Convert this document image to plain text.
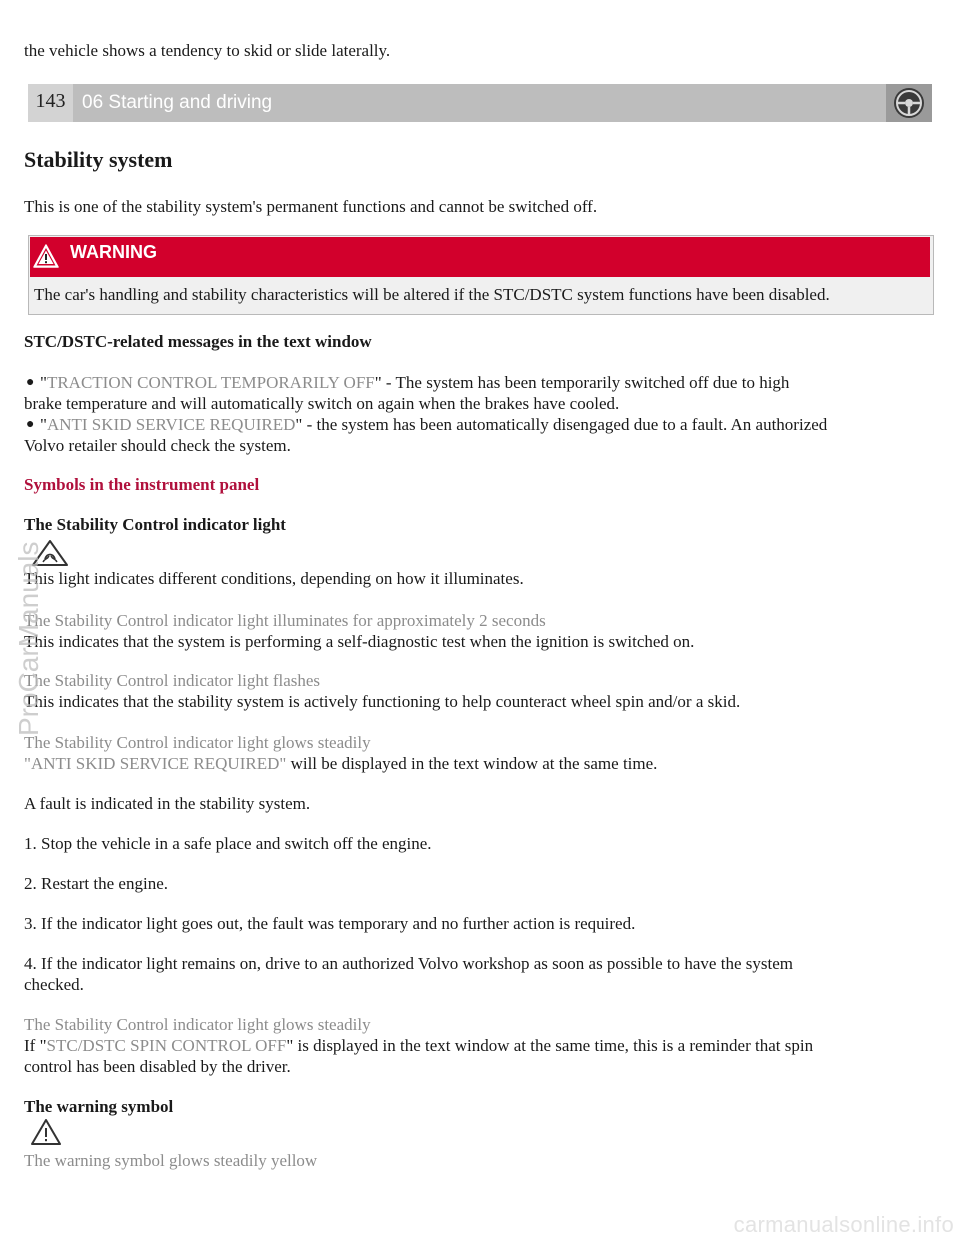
the vehicle shows a tendency to skid or slide laterally.
143 06 Starting and driving
Stability system
This is one of the stability system's permanent functions and cannot be switched off.
WARNING
The car's handling and stability characteristics will be altered if the STC/DSTC system functions have been disabled.
STC/DSTC-related messages in the text window
● "TRACTION CONTROL TEMPORARILY OFF" - The system has been temporarily switched off due to high
brake temperature and will automatically switch on again when the brakes have cooled.
● "ANTI SKID SERVICE REQUIRED" - the system has been automatically disengaged due to a fault. An authorized
Volvo retailer should check the system.
Symbols in the instrument panel
The Stability Control indicator light
This light indicates different conditions, depending on how it illuminates.
The Stability Control indicator light illuminates for approximately 2 seconds
This indicates that the system is performing a self-diagnostic test when the ignition is switched on.
The Stability Control indicator light flashes
This indicates that the stability system is actively functioning to help counteract wheel spin and/or a skid.
The Stability Control indicator light glows steadily
"ANTI SKID SERVICE REQUIRED" will be displayed in the text window at the same time.
A fault is indicated in the stability system.
1. Stop the vehicle in a safe place and switch off the engine.
2. Restart the engine.
3. If the indicator light goes out, the fault was temporary and no further action is required.
4. If the indicator light remains on, drive to an authorized Volvo workshop as soon as possible to have the system
checked.
The Stability Control indicator light glows steadily
If "STC/DSTC SPIN CONTROL OFF" is displayed in the text window at the same time, this is a reminder that spin
control has been disabled by the driver.
The warning symbol
The warning symbol glows steadily yellow
ProCarManuals.com
carmanualsonline.info
